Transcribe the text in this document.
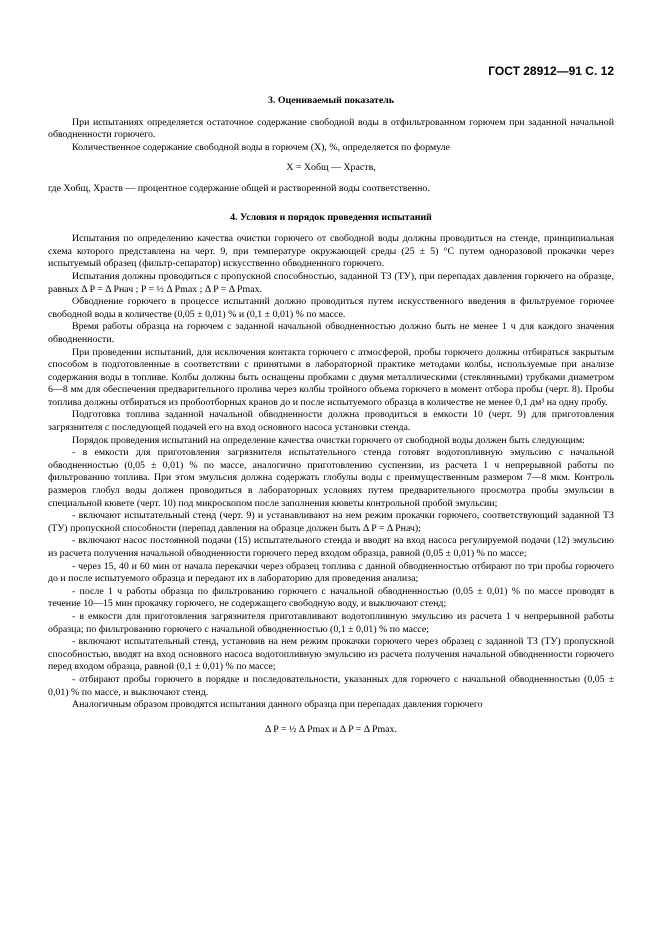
ГОСТ 28912—91 С. 12

3. Оцениваемый показатель

При испытаниях определяется остаточное содержание свободной воды в отфильтрованном горючем при заданной начальной обводненности горючего.

Количественное содержание свободной воды в горючем (X), %, определяется по формуле

X = Xобщ — Xраств,

где Xобщ, Xраств — процентное содержание общей и растворенной воды соответственно.

4. Условия и порядок проведения испытаний

Испытания по определению качества очистки горючего от свободной воды должны проводиться на стенде, принципиальная схема которого представлена на черт. 9, при температуре окружающей среды (25 ± 5) °С путем одноразовой прокачки через испытуемый образец (фильтр-сепаратор) искусственно обводненного горючего.

Испытания должны проводиться с пропускной способностью, заданной ТЗ (ТУ), при перепадах давления горючего на образце, равных Δ P = Δ Pнач ; P = ½ Δ Pmax ; Δ P = Δ Pmax.

Обводнение горючего в процессе испытаний должно проводиться путем искусственного введения в фильтруемое горючее свободной воды в количестве (0,05 ± 0,01) % и (0,1 ± 0,01) % по массе.

Время работы образца на горючем с заданной начальной обводненностью должно быть не менее 1 ч для каждого значения обводненности.

При проведении испытаний, для исключения контакта горючего с атмосферой, пробы горючего должны отбираться закрытым способом в подготовленные в соответствии с принятыми в лабораторной практике методами колбы, используемые при анализе содержания воды в топливе. Колбы должны быть оснащены пробками с двумя металлическими (стеклянными) трубками диаметром 6—8 мм для обеспечения предварительного пролива через колбы тройного объема горючего в момент отбора пробы (черт. 8). Пробы топлива должны отбираться из пробоотборных кранов до и после испытуемого образца в количестве не менее 0,1 дм³ на одну пробу.

Подготовка топлива заданной начальной обводненности должна проводиться в емкости 10 (черт. 9) для приготовления загрязнителя с последующей подачей его на вход основного насоса установки стенда.

Порядок проведения испытаний на определение качества очистки горючего от свободной воды должен быть следующим:

- в емкости для приготовления загрязнителя испытательного стенда готовят водотопливную эмульсию с начальной обводненностью (0,05 ± 0,01) % по массе, аналогично приготовлению суспензии, из расчета 1 ч непрерывной работы по фильтрованию топлива. При этом эмульсия должна содержать глобулы воды с преимущественным размером 7—8 мкм. Контроль размеров глобул воды должен проводиться в лабораторных условиях путем предварительного просмотра пробы эмульсии в специальной кювете (черт. 10) под микроскопом после заполнения кюветы контрольной пробой эмульсии;

- включают испытательный стенд (черт. 9) и устанавливают на нем режим прокачки горючего, соответствующий заданной ТЗ (ТУ) пропускной способности (перепад давления на образце должен быть Δ P = Δ Pнач);

- включают насос постоянной подачи (15) испытательного стенда и вводят на вход насоса регулируемой подачи (12) эмульсию из расчета получения начальной обводненности горючего перед входом образца, равной (0,05 ± 0,01) % по массе;

- через 15, 40 и 60 мин от начала перекачки через образец топлива с данной обводненностью отбирают по три пробы горючего до и после испытуемого образца и передают их в лабораторию для проведения анализа;

- после 1 ч работы образца по фильтрованию горючего с начальной обводненностью (0,05 ± 0,01) % по массе проводят в течение 10—15 мин прокачку горючего, не содержащего свободную воду, и выключают стенд;

- в емкости для приготовления загрязнителя приготавливают водотопливную эмульсию из расчета 1 ч непрерывной работы образца; по фильтрованию горючего с начальной обводненностью (0,1 ± 0,01) % по массе;

- включают испытательный стенд, установив на нем режим прокачки горючего через образец с заданной ТЗ (ТУ) пропускной способностью, вводят на вход основного насоса водотопливную эмульсию из расчета получения начальной обводненности горючего перед входом образца, равной (0,1 ± 0,01) % по массе;

- отбирают пробы горючего в порядке и последовательности, указанных для горючего с начальной обводненностью (0,05 ± 0,01) % по массе, и выключают стенд.

Аналогичным образом проводятся испытания данного образца при перепадах давления горючего

Δ P = ½ Δ Pmax и Δ P = Δ Pmax.
